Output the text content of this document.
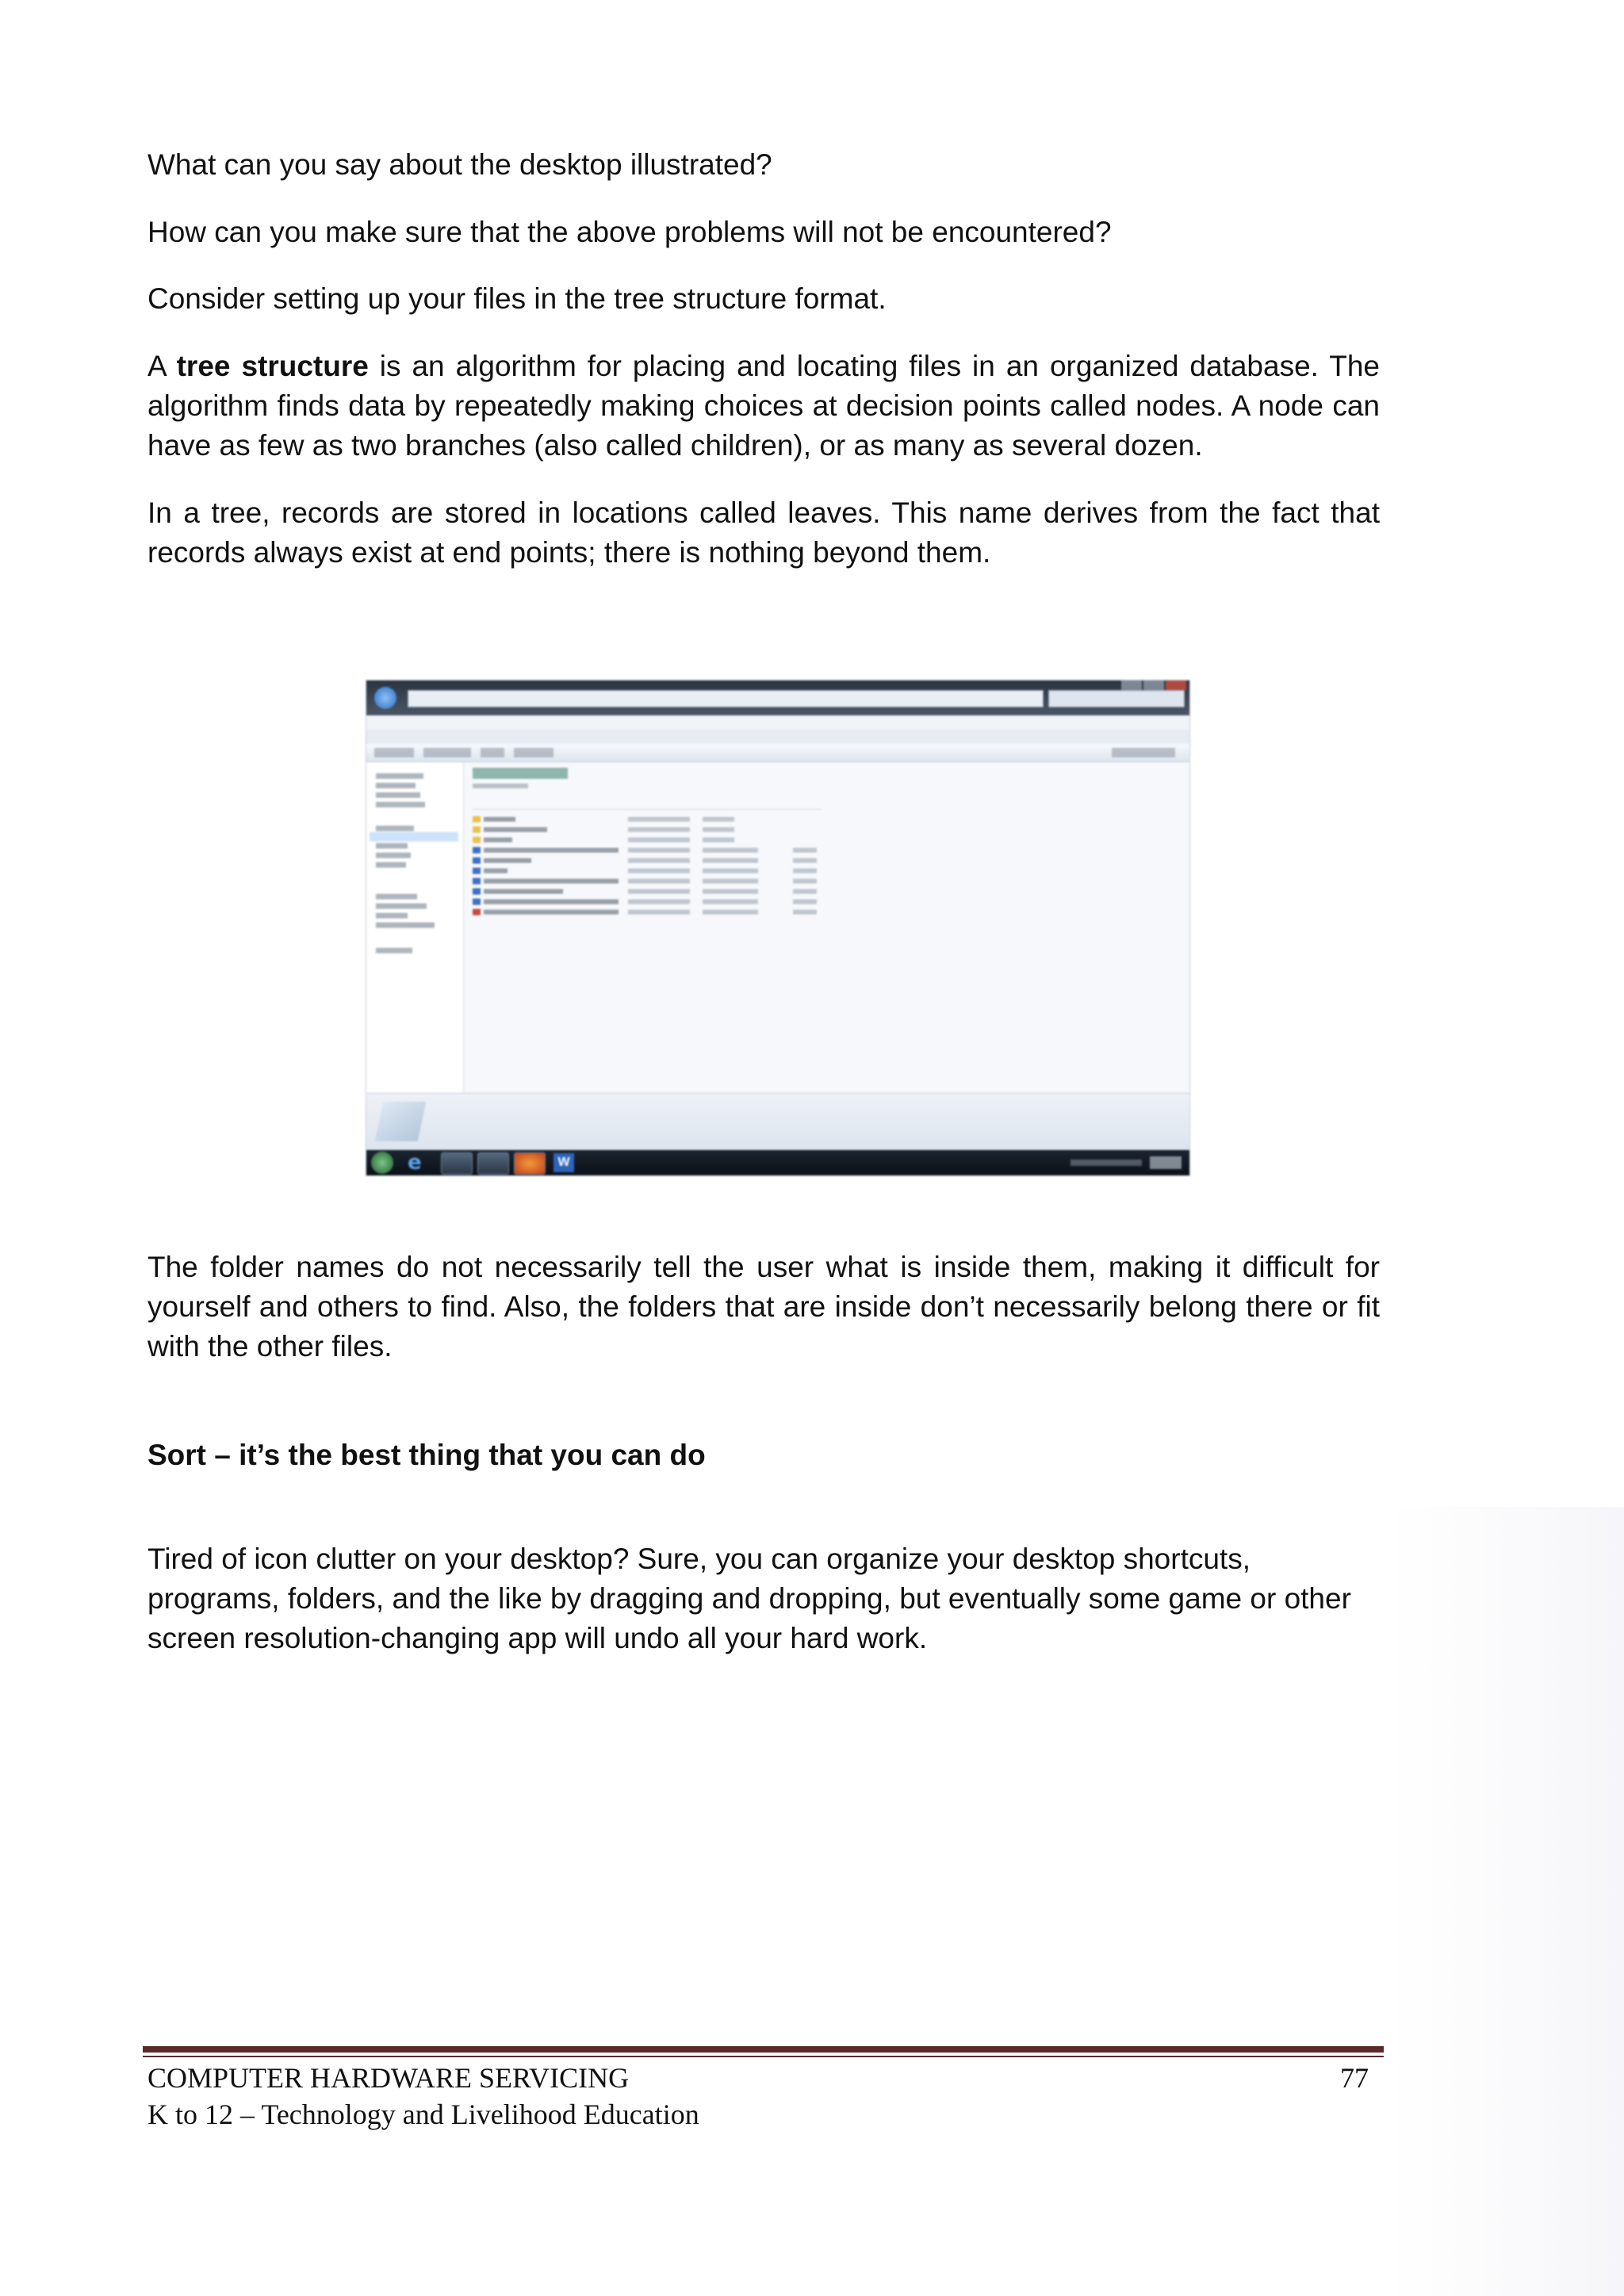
What can you say about the desktop illustrated?

How can you make sure that the above problems will not be encountered?

Consider setting up your files in the tree structure format.

A tree structure is an algorithm for placing and locating files in an organized database. The algorithm finds data by repeatedly making choices at decision points called nodes. A node can have as few as two branches (also called children), or as many as several dozen.

In a tree, records are stored in locations called leaves. This name derives from the fact that records always exist at end points; there is nothing beyond them.

e	W

The folder names do not necessarily tell the user what is inside them, making it difficult for yourself and others to find. Also, the folders that are inside don’t necessarily belong there or fit with the other files.

Sort – it’s the best thing that you can do

Tired of icon clutter on your desktop? Sure, you can organize your desktop shortcuts, programs, folders, and the like by dragging and dropping, but eventually some game or other screen resolution-changing app will undo all your hard work.

COMPUTER HARDWARE SERVICING	77

K to 12 – Technology and Livelihood Education
